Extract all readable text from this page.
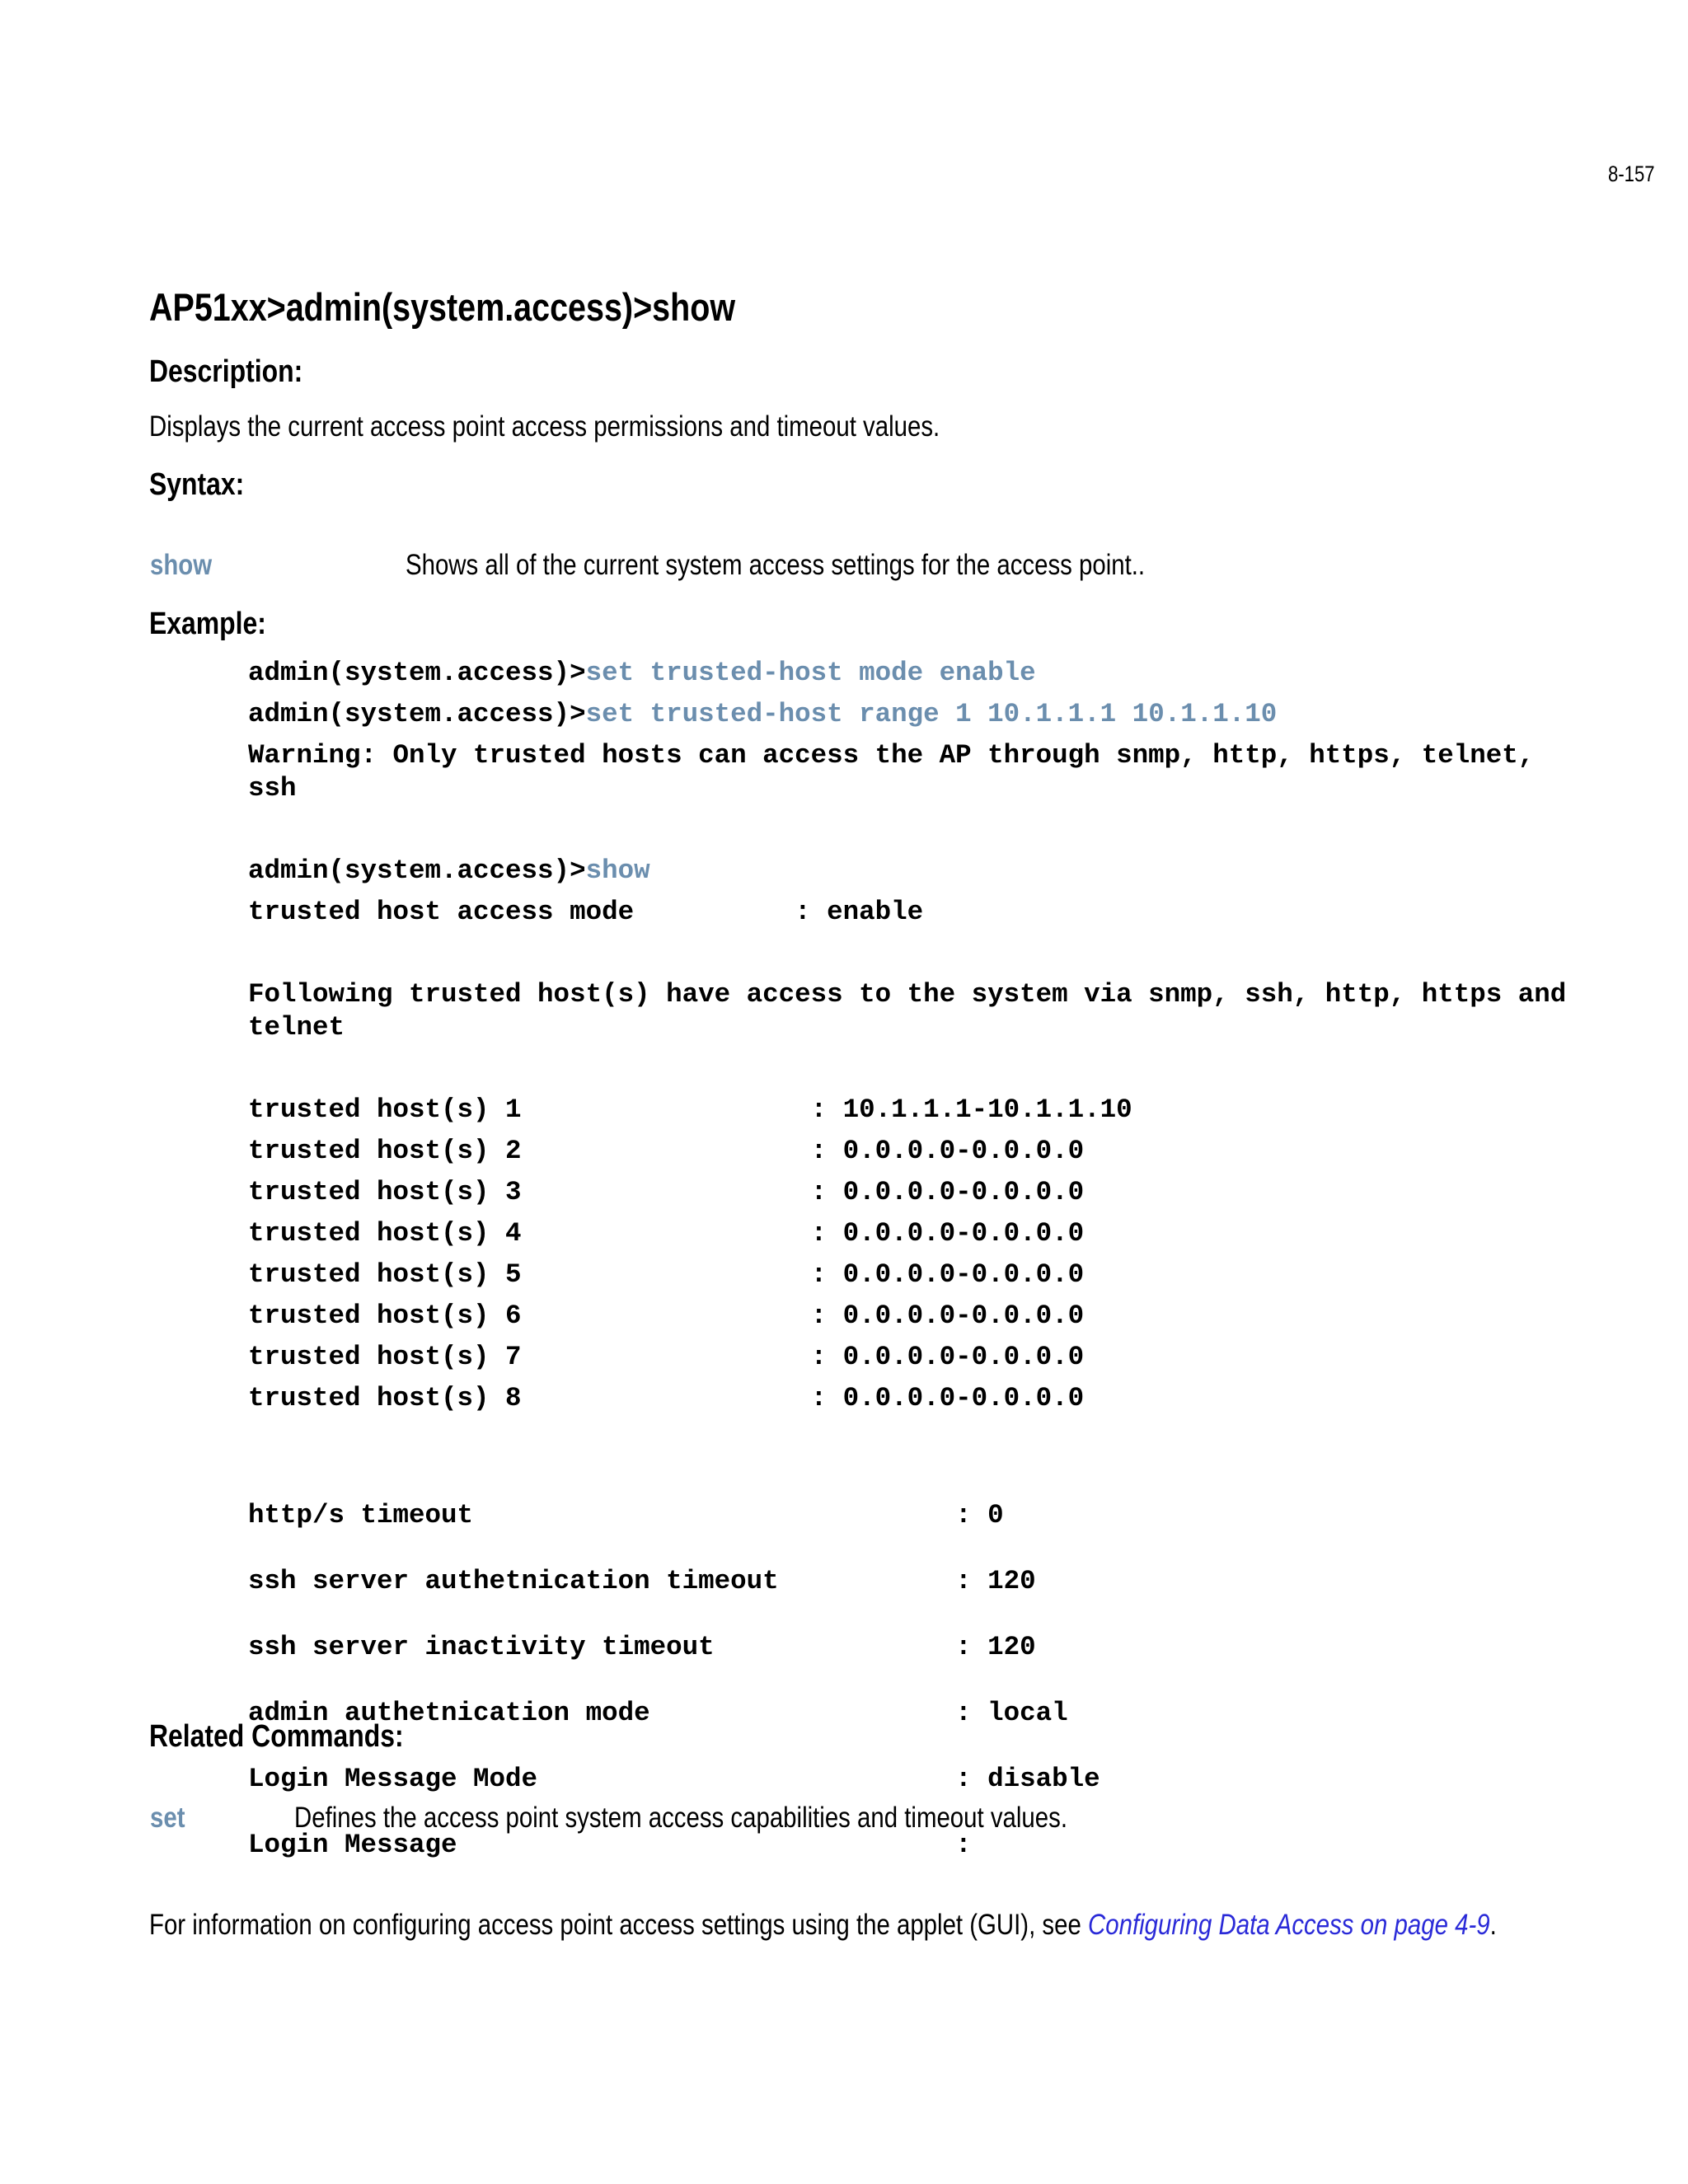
8-157
AP51xx>admin(system.access)>show
Description:
Displays the current access point access permissions and timeout values.
Syntax:
show	Shows all of the current system access settings for the access point..
Example:
admin(system.access)>set trusted-host mode enable
admin(system.access)>set trusted-host range 1 10.1.1.1 10.1.1.10
Warning: Only trusted hosts can access the AP through snmp, http, https, telnet,
ssh
admin(system.access)>show
trusted host access mode          : enable
Following trusted host(s) have access to the system via snmp, ssh, http, https and
telnet
trusted host(s) 1                  : 10.1.1.1-10.1.1.10
trusted host(s) 2                  : 0.0.0.0-0.0.0.0
trusted host(s) 3                  : 0.0.0.0-0.0.0.0
trusted host(s) 4                  : 0.0.0.0-0.0.0.0
trusted host(s) 5                  : 0.0.0.0-0.0.0.0
trusted host(s) 6                  : 0.0.0.0-0.0.0.0
trusted host(s) 7                  : 0.0.0.0-0.0.0.0
trusted host(s) 8                  : 0.0.0.0-0.0.0.0

http/s timeout                              : 0

ssh server authetnication timeout           : 120

ssh server inactivity timeout               : 120

admin authetnication mode                   : local

Login Message Mode                          : disable

Login Message                               :

Related Commands:
set	Defines the access point system access capabilities and timeout values.
For information on configuring access point access settings using the applet (GUI), see Configuring Data Access on page 4-9.
